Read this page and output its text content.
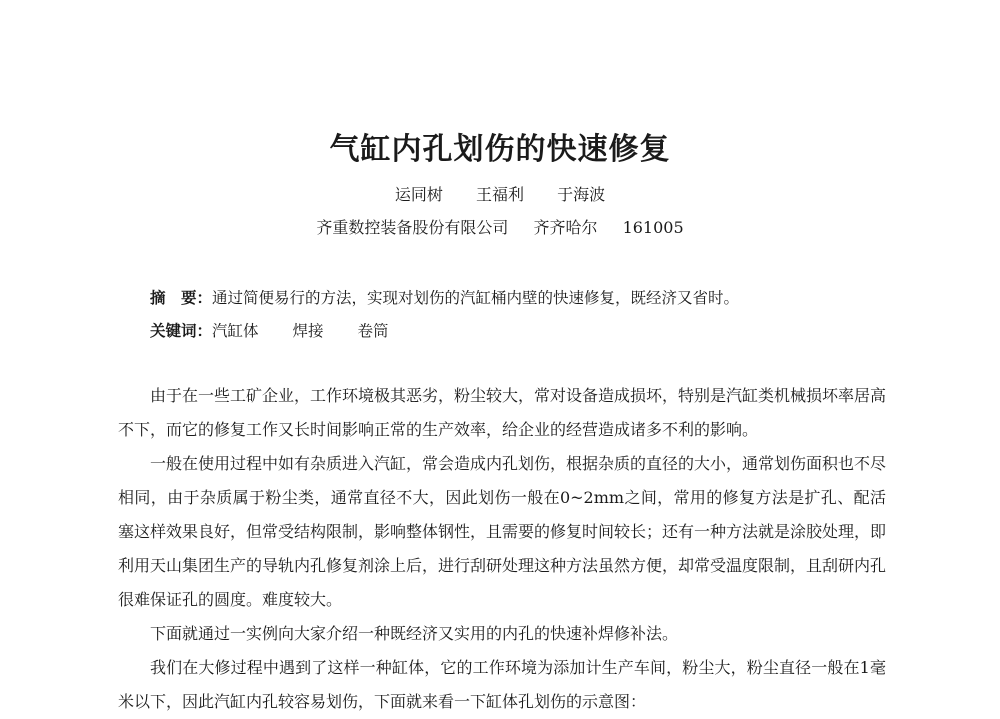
气缸内孔划伤的快速修复
运同树 王福利 于海波
齐重数控装备股份有限公司 齐齐哈尔 161005
摘　要：通过简便易行的方法，实现对划伤的汽缸桶内壁的快速修复，既经济又省时。
关键词：汽缸体 焊接 卷筒

由于在一些工矿企业，工作环境极其恶劣，粉尘较大，常对设备造成损坏，特别是汽缸类机械损坏率居高不下，而它的修复工作又长时间影响正常的生产效率，给企业的经营造成诸多不利的影响。

一般在使用过程中如有杂质进入汽缸，常会造成内孔划伤，根据杂质的直径的大小，通常划伤面积也不尽相同，由于杂质属于粉尘类，通常直径不大，因此划伤一般在0~2mm之间，常用的修复方法是扩孔、配活塞这样效果良好，但常受结构限制，影响整体钢性，且需要的修复时间较长；还有一种方法就是涂胶处理，即利用天山集团生产的导轨内孔修复剂涂上后，进行刮研处理这种方法虽然方便，却常受温度限制，且刮研内孔很难保证孔的圆度。难度较大。

下面就通过一实例向大家介绍一种既经济又实用的内孔的快速补焊修补法。

我们在大修过程中遇到了这样一种缸体，它的工作环境为添加计生产车间，粉尘大，粉尘直径一般在1毫米以下，因此汽缸内孔较容易划伤，下面就来看一下缸体孔划伤的示意图：
